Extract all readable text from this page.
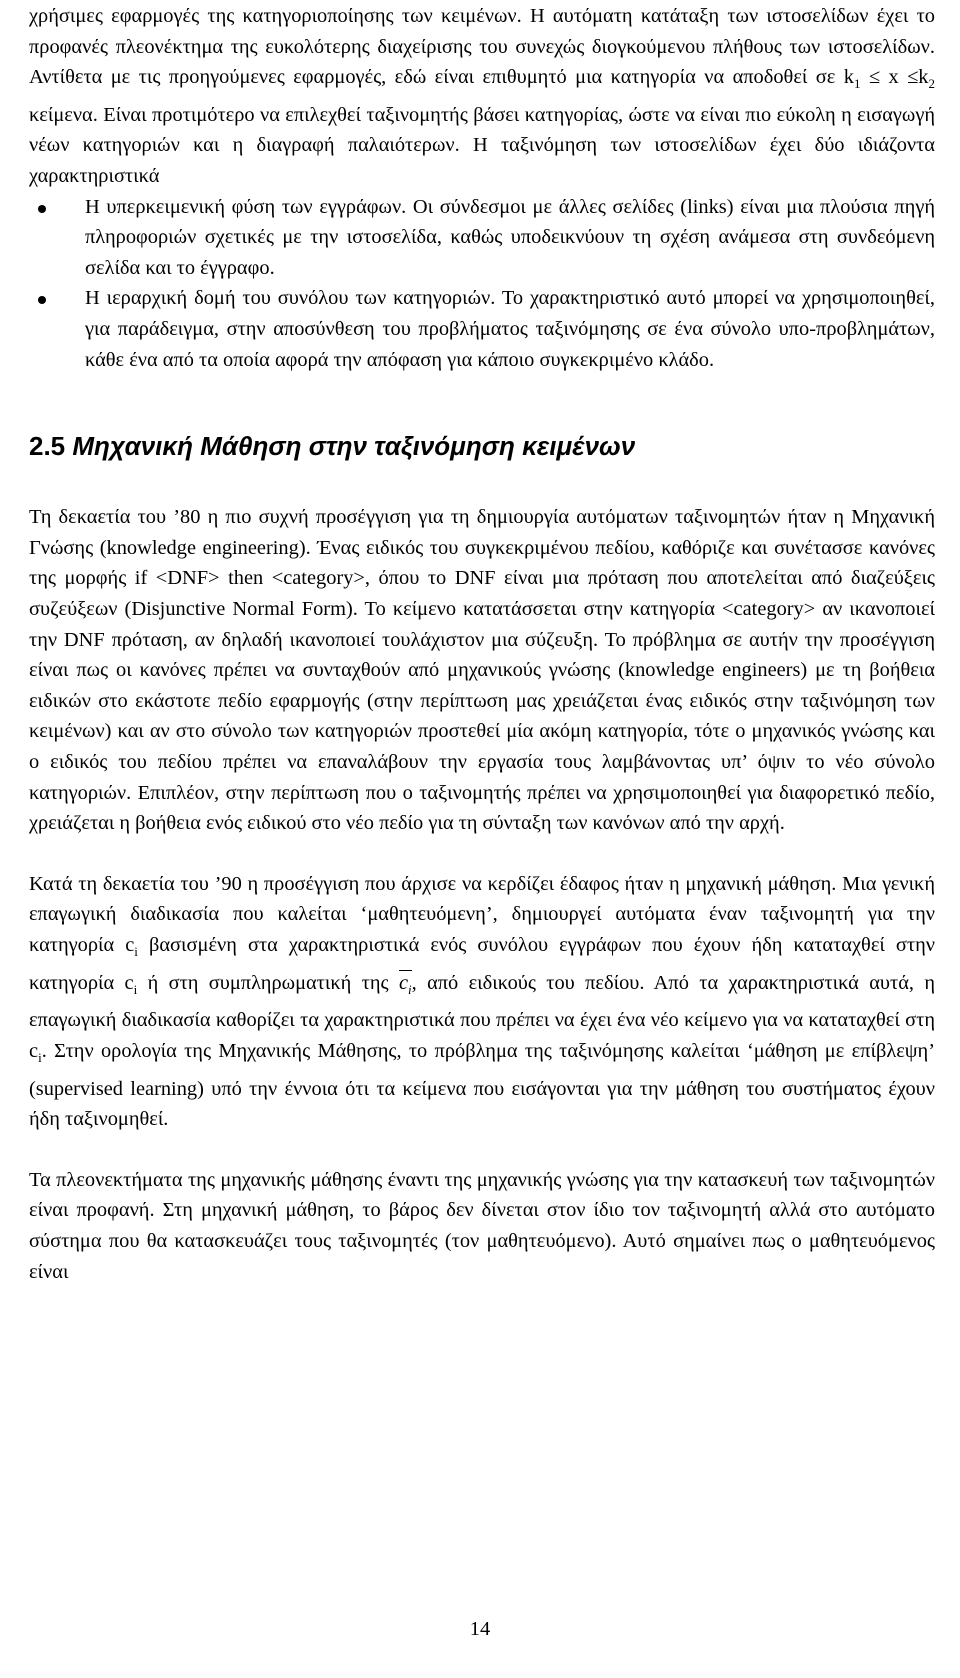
χρήσιμες εφαρμογές της κατηγοριοποίησης των κειμένων. Η αυτόματη κατάταξη των ιστοσελίδων έχει το προφανές πλεονέκτημα της ευκολότερης διαχείρισης του συνεχώς διογκούμενου πλήθους των ιστοσελίδων. Αντίθετα με τις προηγούμενες εφαρμογές, εδώ είναι επιθυμητό μια κατηγορία να αποδοθεί σε $k_1 \le x \le k_2$ κείμενα. Είναι προτιμότερο να επιλεχθεί ταξινομητής βάσει κατηγορίας, ώστε να είναι πιο εύκολη η εισαγωγή νέων κατηγοριών και η διαγραφή παλαιότερων. Η ταξινόμηση των ιστοσελίδων έχει δύο ιδιάζοντα χαρακτηριστικά

Η υπερκειμενική φύση των εγγράφων. Οι σύνδεσμοι με άλλες σελίδες (links) είναι μια πλούσια πηγή πληροφοριών σχετικές με την ιστοσελίδα, καθώς υποδεικνύουν τη σχέση ανάμεσα στη συνδεόμενη σελίδα και το έγγραφο.
Η ιεραρχική δομή του συνόλου των κατηγοριών. Το χαρακτηριστικό αυτό μπορεί να χρησιμοποιηθεί, για παράδειγμα, στην αποσύνθεση του προβλήματος ταξινόμησης σε ένα σύνολο υπο-προβλημάτων, κάθε ένα από τα οποία αφορά την απόφαση για κάποιο συγκεκριμένο κλάδο.
2.5 Μηχανική Μάθηση στην ταξινόμηση κειμένων

Τη δεκαετία του ’80 η πιο συχνή προσέγγιση για τη δημιουργία αυτόματων ταξινομητών ήταν η Μηχανική Γνώσης (knowledge engineering). Ένας ειδικός του συγκεκριμένου πεδίου, καθόριζε και συνέτασσε κανόνες της μορφής if <DNF> then <category>, όπου το DNF είναι μια πρόταση που αποτελείται από διαζεύξεις συζεύξεων (Disjunctive Normal Form). Το κείμενο κατατάσσεται στην κατηγορία <category> αν ικανοποιεί την DNF πρόταση, αν δηλαδή ικανοποιεί τουλάχιστον μια σύζευξη. Το πρόβλημα σε αυτήν την προσέγγιση είναι πως οι κανόνες πρέπει να συνταχθούν από μηχανικούς γνώσης (knowledge engineers) με τη βοήθεια ειδικών στο εκάστοτε πεδίο εφαρμογής (στην περίπτωση μας χρειάζεται ένας ειδικός στην ταξινόμηση των κειμένων) και αν στο σύνολο των κατηγοριών προστεθεί μία ακόμη κατηγορία, τότε ο μηχανικός γνώσης και ο ειδικός του πεδίου πρέπει να επαναλάβουν την εργασία τους λαμβάνοντας υπ’ όψιν το νέο σύνολο κατηγοριών. Επιπλέον, στην περίπτωση που ο ταξινομητής πρέπει να χρησιμοποιηθεί για διαφορετικό πεδίο, χρειάζεται η βοήθεια ενός ειδικού στο νέο πεδίο για τη σύνταξη των κανόνων από την αρχή.

Κατά τη δεκαετία του ’90 η προσέγγιση που άρχισε να κερδίζει έδαφος ήταν η μηχανική μάθηση. Μια γενική επαγωγική διαδικασία που καλείται ‘μαθητευόμενη’, δημιουργεί αυτόματα έναν ταξινομητή για την κατηγορία $c_i$ βασισμένη στα χαρακτηριστικά ενός συνόλου εγγράφων που έχουν ήδη καταταχθεί στην κατηγορία $c_i$ ή στη συμπληρωματική της $c_i$, από ειδικούς του πεδίου. Από τα χαρακτηριστικά αυτά, η επαγωγική διαδικασία καθορίζει τα χαρακτηριστικά που πρέπει να έχει ένα νέο κείμενο για να καταταχθεί στη $c_i$. Στην ορολογία της Μηχανικής Μάθησης, το πρόβλημα της ταξινόμησης καλείται ‘μάθηση με επίβλεψη’ (supervised learning) υπό την έννοια ότι τα κείμενα που εισάγονται για την μάθηση του συστήματος έχουν ήδη ταξινομηθεί.

Τα πλεονεκτήματα της μηχανικής μάθησης έναντι της μηχανικής γνώσης για την κατασκευή των ταξινομητών είναι προφανή. Στη μηχανική μάθηση, το βάρος δεν δίνεται στον ίδιο τον ταξινομητή αλλά στο αυτόματο σύστημα που θα κατασκευάζει τους ταξινομητές (τον μαθητευόμενο). Αυτό σημαίνει πως ο μαθητευόμενος είναι

14
